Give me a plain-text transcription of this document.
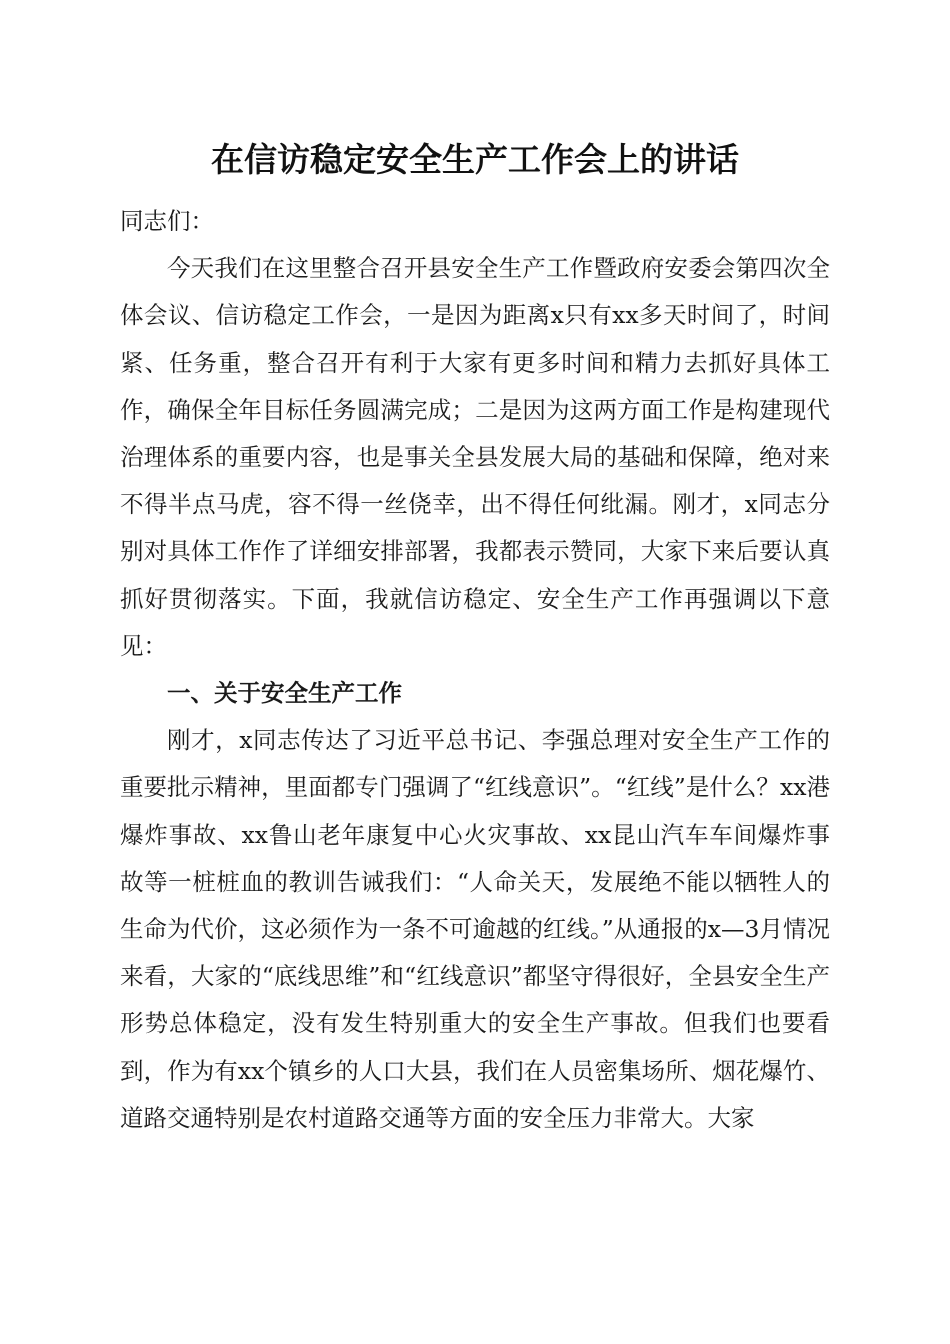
在信访稳定安全生产工作会上的讲话

同志们：

今天我们在这里整合召开县安全生产工作暨政府安委会第四次全体会议、信访稳定工作会，一是因为距离x只有xx多天时间了，时间紧、任务重，整合召开有利于大家有更多时间和精力去抓好具体工作，确保全年目标任务圆满完成；二是因为这两方面工作是构建现代治理体系的重要内容，也是事关全县发展大局的基础和保障，绝对来不得半点马虎，容不得一丝侥幸，出不得任何纰漏。刚才，x同志分别对具体工作作了详细安排部署，我都表示赞同，大家下来后要认真抓好贯彻落实。下面，我就信访稳定、安全生产工作再强调以下意见：

一、关于安全生产工作

刚才，x同志传达了习近平总书记、李强总理对安全生产工作的重要批示精神，里面都专门强调了“红线意识”。“红线”是什么？xx港爆炸事故、xx鲁山老年康复中心火灾事故、xx昆山汽车车间爆炸事故等一桩桩血的教训告诫我们：“人命关天，发展绝不能以牺牲人的生命为代价，这必须作为一条不可逾越的红线。”从通报的x—3月情况来看，大家的“底线思维”和“红线意识”都坚守得很好，全县安全生产形势总体稳定，没有发生特别重大的安全生产事故。但我们也要看到，作为有xx个镇乡的人口大县，我们在人员密集场所、烟花爆竹、道路交通特别是农村道路交通等方面的安全压力非常大。大家
